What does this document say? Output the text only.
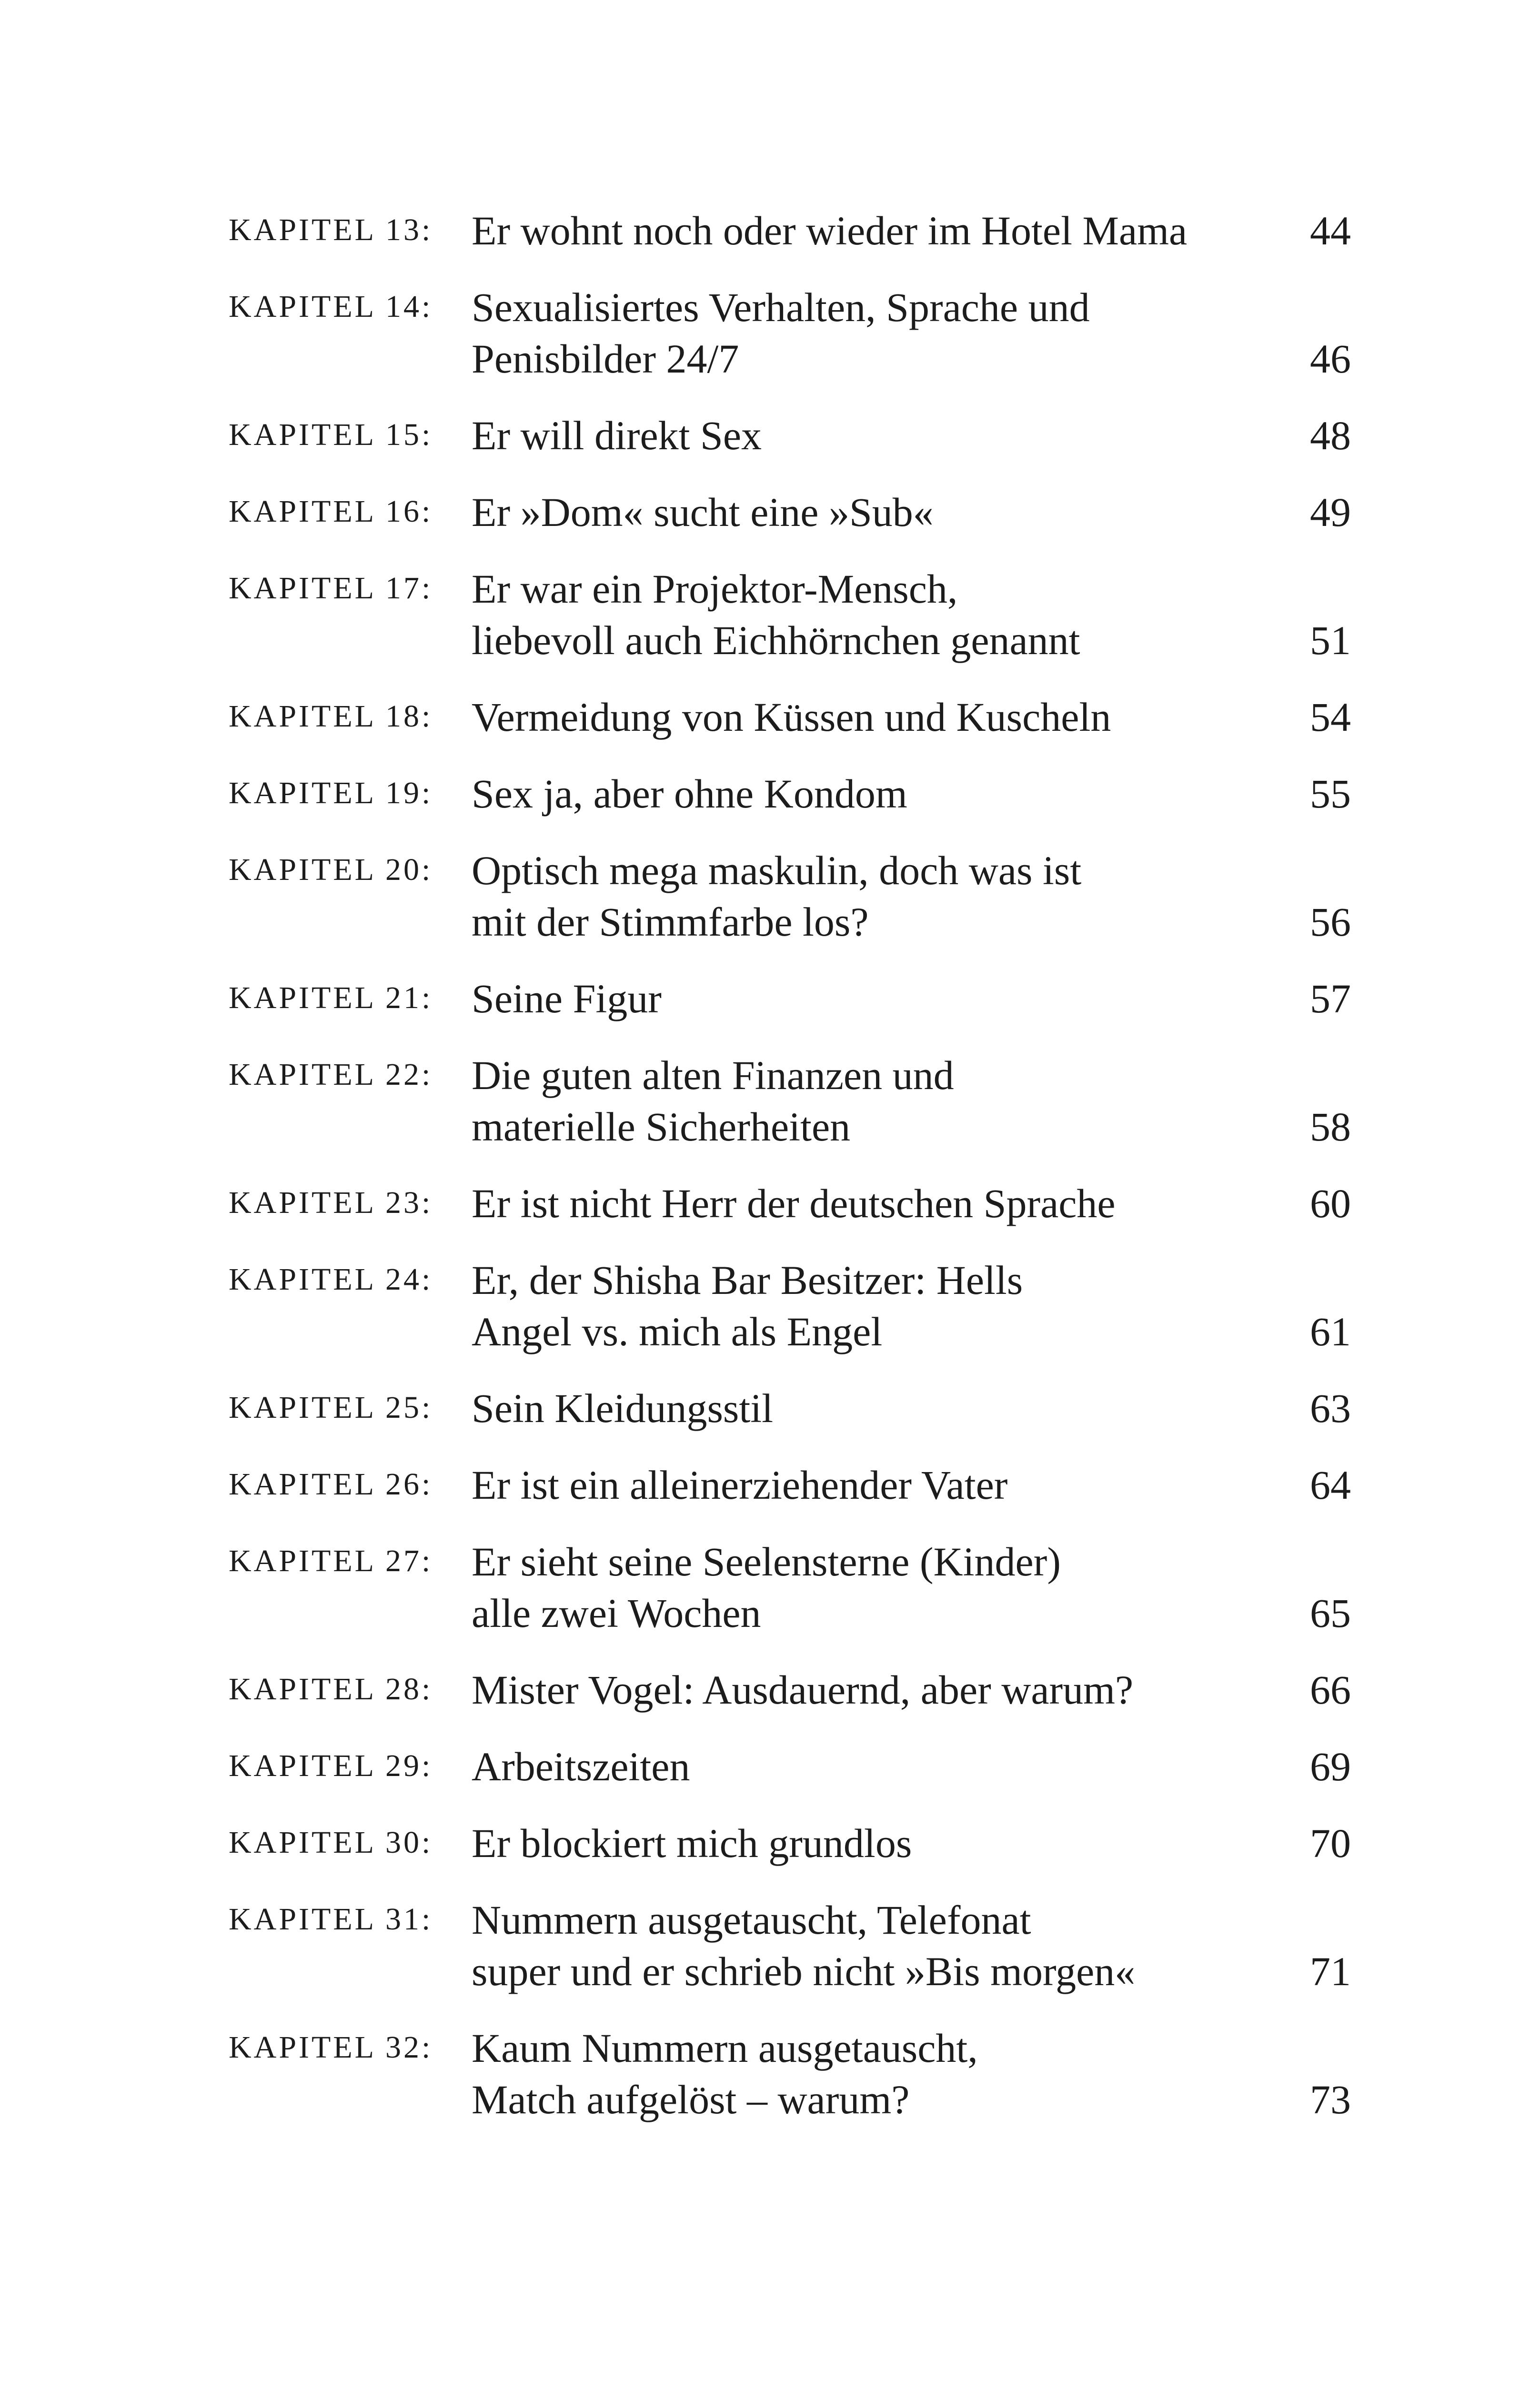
KAPITEL 13: Er wohnt noch oder wieder im Hotel Mama	44
KAPITEL 14: Sexualisiertes Verhalten, Sprache und
Penisbilder 24/7	46
KAPITEL 15: Er will direkt Sex	48
KAPITEL 16: Er »Dom« sucht eine »Sub«	49
KAPITEL 17: Er war ein Projektor-Mensch,
liebevoll auch Eichhörnchen genannt	51
KAPITEL 18: Vermeidung von Küssen und Kuscheln	54
KAPITEL 19: Sex ja, aber ohne Kondom	55
KAPITEL 20: Optisch mega maskulin, doch was ist
mit der Stimmfarbe los?	56
KAPITEL 21: Seine Figur	57
KAPITEL 22: Die guten alten Finanzen und
materielle Sicherheiten	58
KAPITEL 23: Er ist nicht Herr der deutschen Sprache	60
KAPITEL 24: Er, der Shisha Bar Besitzer: Hells
Angel vs. mich als Engel	61
KAPITEL 25: Sein Kleidungsstil	63
KAPITEL 26: Er ist ein alleinerziehender Vater	64
KAPITEL 27: Er sieht seine Seelensterne (Kinder)
alle zwei Wochen	65
KAPITEL 28: Mister Vogel: Ausdauernd, aber warum?	66
KAPITEL 29: Arbeitszeiten	69
KAPITEL 30: Er blockiert mich grundlos	70
KAPITEL 31: Nummern ausgetauscht, Telefonat
super und er schrieb nicht »Bis morgen«	71
KAPITEL 32: Kaum Nummern ausgetauscht,
Match aufgelöst – warum?	73
